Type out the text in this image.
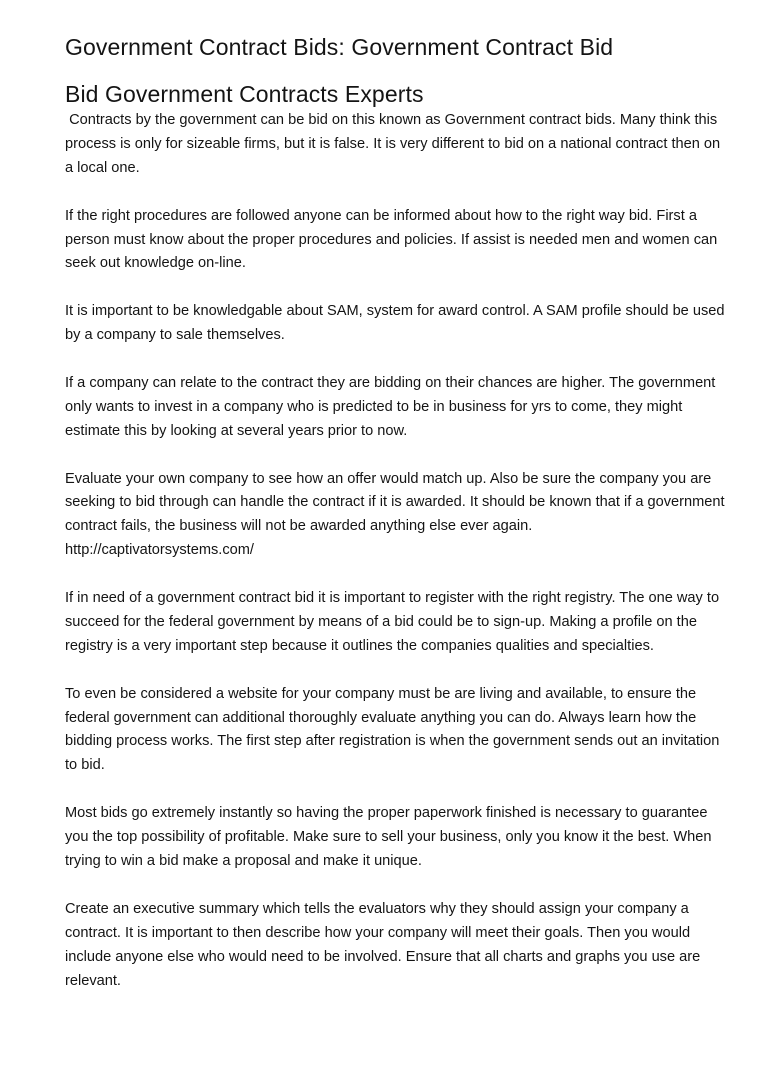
Government Contract Bids: Government Contract Bid
Bid Government Contracts Experts

Contracts by the government can be bid on this known as Government contract bids. Many think this process is only for sizeable firms, but it is false. It is very different to bid on a national contract then on a local one.

If the right procedures are followed anyone can be informed about how to the right way bid. First a person must know about the proper procedures and policies. If assist is needed men and women can seek out knowledge on-line.

It is important to be knowledgable about SAM, system for award control. A SAM profile should be used by a company to sale themselves.

If a company can relate to the contract they are bidding on their chances are higher. The government only wants to invest in a company who is predicted to be in business for yrs to come, they might estimate this by looking at several years prior to now.

Evaluate your own company to see how an offer would match up. Also be sure the company you are seeking to bid through can handle the contract if it is awarded. It should be known that if a government contract fails, the business will not be awarded anything else ever again. http://captivatorsystems.com/

If in need of a government contract bid it is important to register with the right registry. The one way to succeed for the federal government by means of a bid could be to sign-up. Making a profile on the registry is a very important step because it outlines the companies qualities and specialties.

To even be considered a website for your company must be are living and available, to ensure the federal government can additional thoroughly evaluate anything you can do. Always learn how the bidding process works. The first step after registration is when the government sends out an invitation to bid.

Most bids go extremely instantly so having the proper paperwork finished is necessary to guarantee you the top possibility of profitable. Make sure to sell your business, only you know it the best. When trying to win a bid make a proposal and make it unique.

Create an executive summary which tells the evaluators why they should assign your company a contract. It is important to then describe how your company will meet their goals. Then you would include anyone else who would need to be involved. Ensure that all charts and graphs you use are relevant.
